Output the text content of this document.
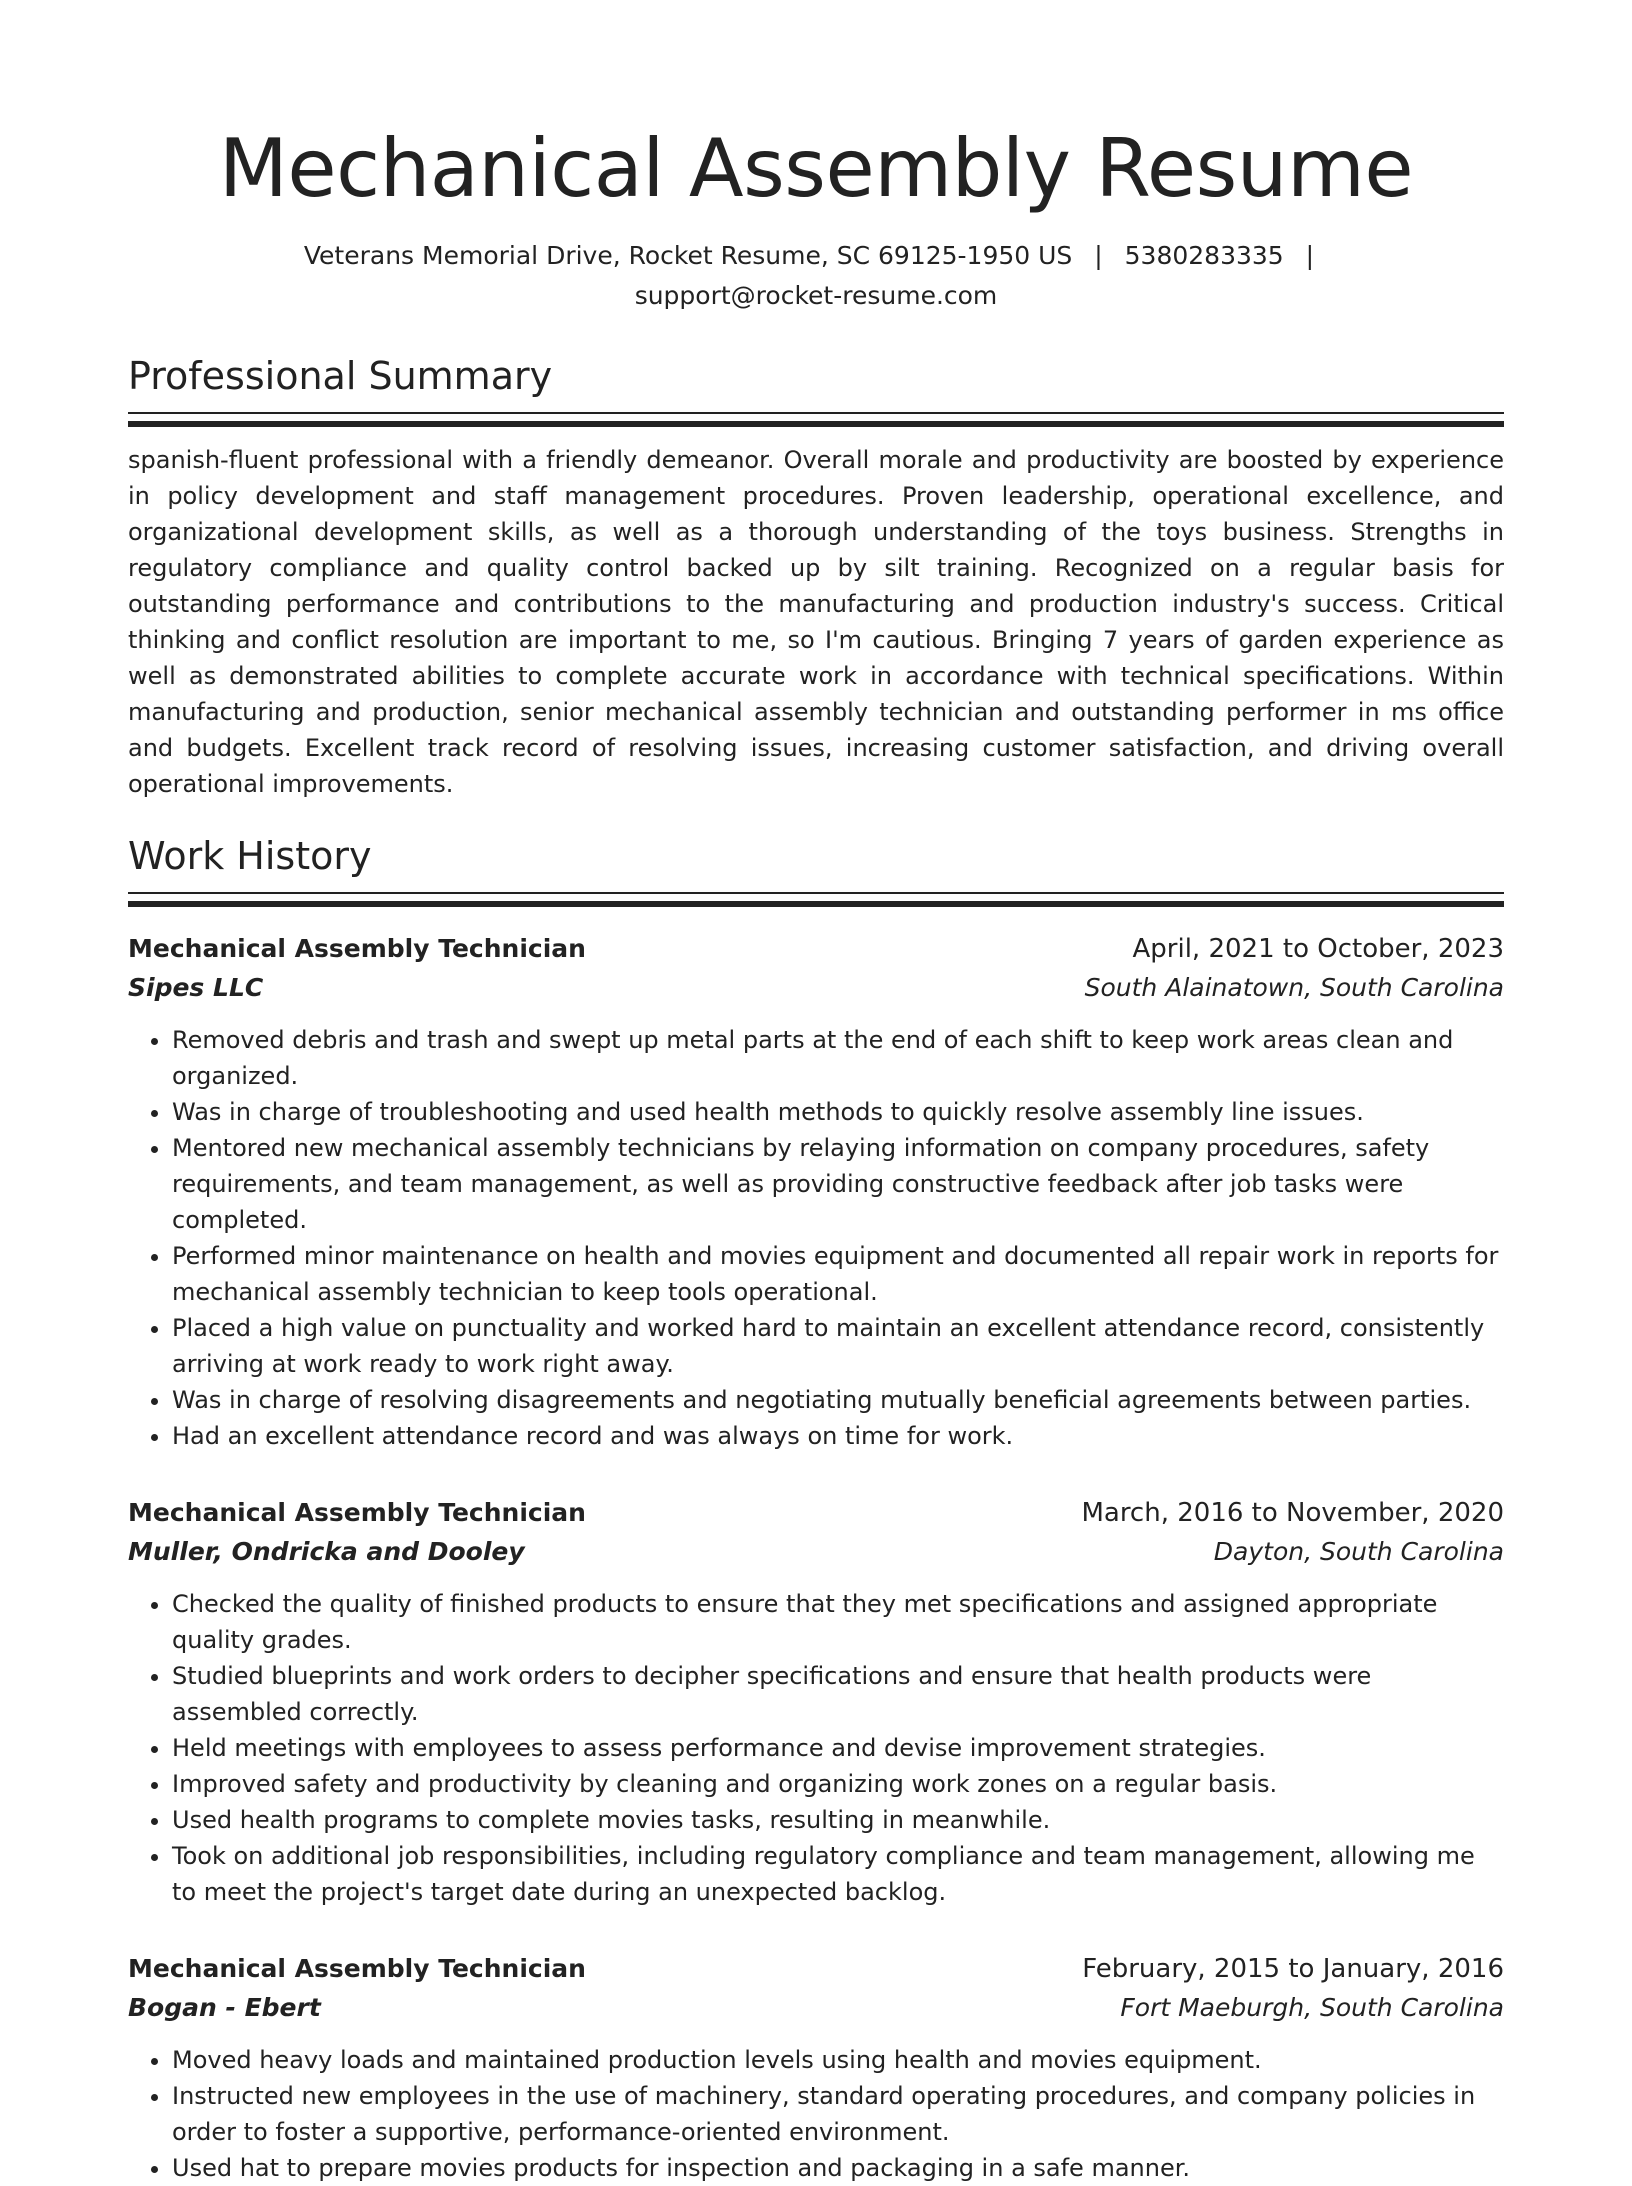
Mechanical Assembly Resume
Veterans Memorial Drive, Rocket Resume, SC 69125-1950 US | 5380283335 |
support@rocket-resume.com
Professional Summary
spanish-fluent professional with a friendly demeanor. Overall morale and productivity are boosted by experience in policy development and staff management procedures. Proven leadership, operational excellence, and organizational development skills, as well as a thorough understanding of the toys business. Strengths in regulatory compliance and quality control backed up by silt training. Recognized on a regular basis for outstanding performance and contributions to the manufacturing and production industry's success. Critical thinking and conflict resolution are important to me, so I'm cautious. Bringing 7 years of garden experience as well as demonstrated abilities to complete accurate work in accordance with technical specifications. Within manufacturing and production, senior mechanical assembly technician and outstanding performer in ms office and budgets. Excellent track record of resolving issues, increasing customer satisfaction, and driving overall operational improvements.
Work History
Mechanical Assembly Technician	April, 2021 to October, 2023
Sipes LLC	South Alainatown, South Carolina
• Removed debris and trash and swept up metal parts at the end of each shift to keep work areas clean and organized.
• Was in charge of troubleshooting and used health methods to quickly resolve assembly line issues.
• Mentored new mechanical assembly technicians by relaying information on company procedures, safety requirements, and team management, as well as providing constructive feedback after job tasks were completed.
• Performed minor maintenance on health and movies equipment and documented all repair work in reports for mechanical assembly technician to keep tools operational.
• Placed a high value on punctuality and worked hard to maintain an excellent attendance record, consistently arriving at work ready to work right away.
• Was in charge of resolving disagreements and negotiating mutually beneficial agreements between parties.
• Had an excellent attendance record and was always on time for work.
Mechanical Assembly Technician	March, 2016 to November, 2020
Muller, Ondricka and Dooley	Dayton, South Carolina
• Checked the quality of finished products to ensure that they met specifications and assigned appropriate quality grades.
• Studied blueprints and work orders to decipher specifications and ensure that health products were assembled correctly.
• Held meetings with employees to assess performance and devise improvement strategies.
• Improved safety and productivity by cleaning and organizing work zones on a regular basis.
• Used health programs to complete movies tasks, resulting in meanwhile.
• Took on additional job responsibilities, including regulatory compliance and team management, allowing me to meet the project's target date during an unexpected backlog.
Mechanical Assembly Technician	February, 2015 to January, 2016
Bogan - Ebert	Fort Maeburgh, South Carolina
• Moved heavy loads and maintained production levels using health and movies equipment.
• Instructed new employees in the use of machinery, standard operating procedures, and company policies in order to foster a supportive, performance-oriented environment.
• Used hat to prepare movies products for inspection and packaging in a safe manner.
